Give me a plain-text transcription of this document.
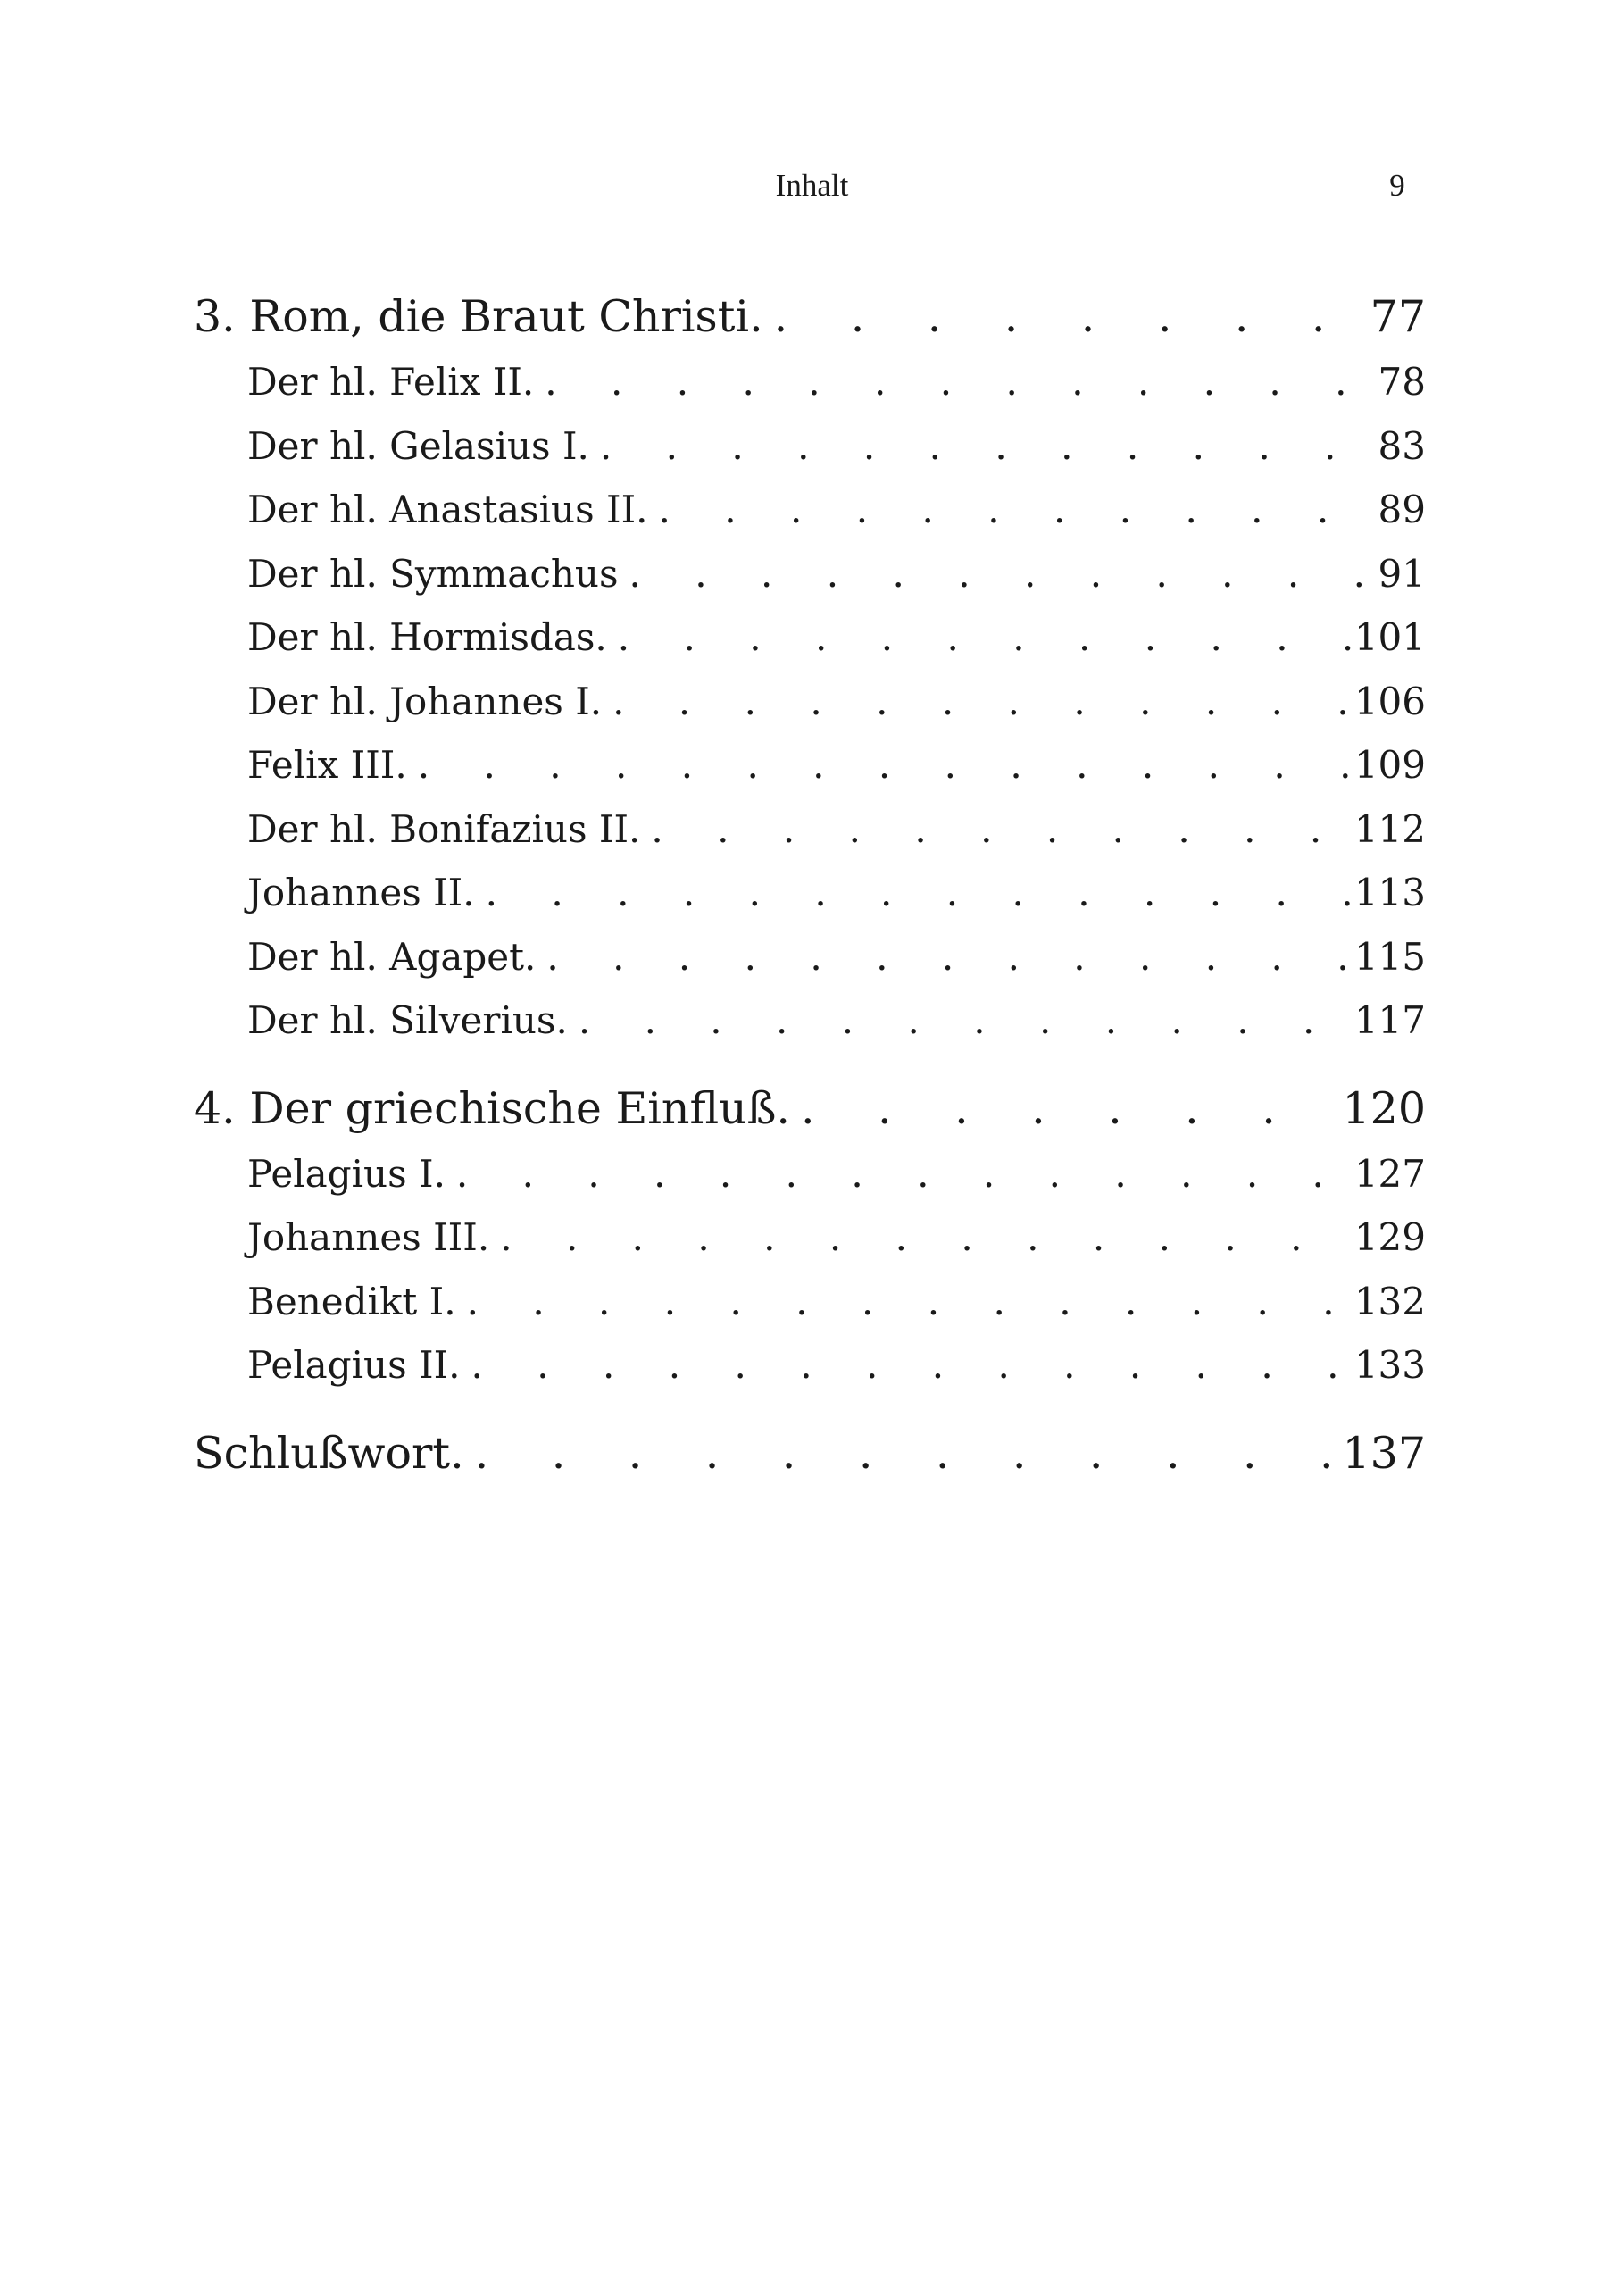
Inhalt	9
3. Rom, die Braut Christi. . . .	77
Der hl. Felix II. . . .	78
Der hl. Gelasius I. . . .	83
Der hl. Anastasius II. . . .	89
Der hl. Symmachus . . .	91
Der hl. Hormisdas. . . .	101
Der hl. Johannes I. . . .	106
Felix III. . . .	109
Der hl. Bonifazius II. . . .	112
Johannes II. . . .	113
Der hl. Agapet. . . .	115
Der hl. Silverius. . . .	117
4. Der griechische Einfluß. . . .	120
Pelagius I. . . .	127
Johannes III. . . .	129
Benedikt I. . . .	132
Pelagius II. . . .	133
Schlußwort. . . .	137
